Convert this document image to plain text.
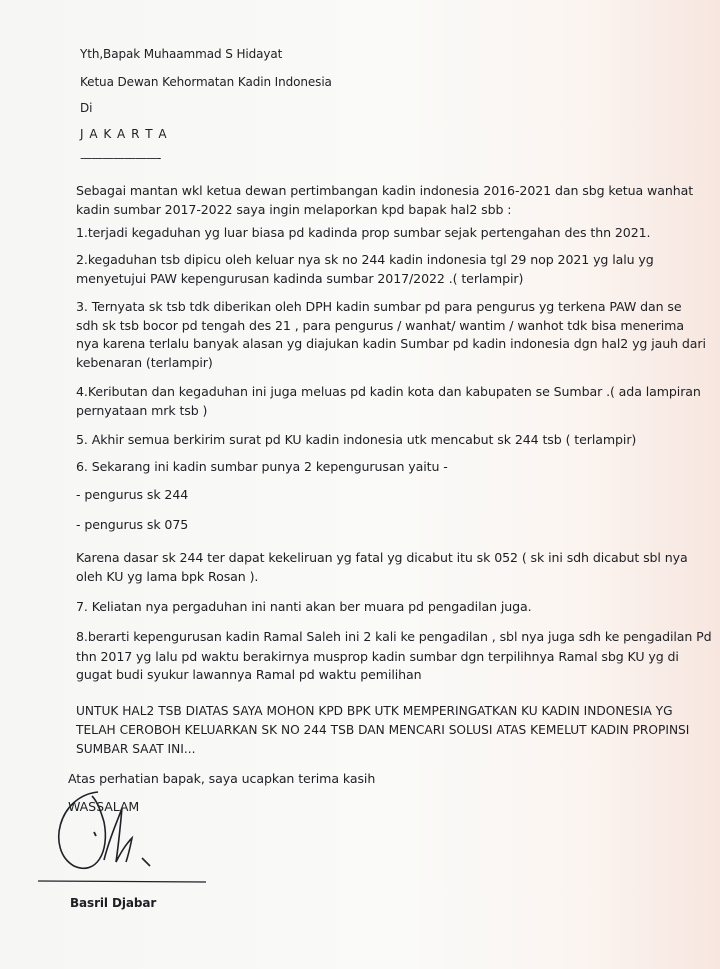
Yth,Bapak Muhaammad S Hidayat

Ketua Dewan Kehormatan Kadin Indonesia

Di

J A K A R T A

———————-

Sebagai mantan wkl ketua dewan pertimbangan kadin indonesia 2016-2021 dan sbg ketua wanhat

kadin sumbar 2017-2022 saya ingin melaporkan kpd bapak hal2 sbb :

1.terjadi kegaduhan yg luar biasa pd kadinda prop sumbar sejak pertengahan des thn 2021.

2.kegaduhan tsb dipicu oleh keluar nya sk no 244 kadin indonesia tgl 29 nop 2021 yg lalu yg

menyetujui PAW kepengurusan kadinda sumbar 2017/2022 .( terlampir)

3. Ternyata sk tsb tdk diberikan oleh DPH kadin sumbar pd para pengurus yg terkena PAW dan se

sdh sk tsb bocor pd tengah des 21 , para pengurus / wanhat/ wantim / wanhot tdk bisa menerima

nya karena terlalu banyak alasan yg diajukan kadin Sumbar pd kadin indonesia dgn hal2 yg jauh dari

kebenaran (terlampir)

4.Keributan dan kegaduhan ini juga meluas pd kadin kota dan kabupaten se Sumbar .( ada lampiran

pernyataan mrk tsb )

5. Akhir semua berkirim surat pd KU kadin indonesia utk mencabut sk 244 tsb ( terlampir)

6. Sekarang ini kadin sumbar punya 2 kepengurusan yaitu -

- pengurus sk 244

- pengurus sk 075

Karena dasar sk 244 ter dapat kekeliruan yg fatal yg dicabut itu sk 052 ( sk ini sdh dicabut sbl nya

oleh KU yg lama bpk Rosan ).

7. Keliatan nya pergaduhan ini nanti akan ber muara pd pengadilan juga.

8.berarti kepengurusan kadin Ramal Saleh ini 2 kali ke pengadilan , sbl nya juga sdh ke pengadilan Pd

thn 2017 yg lalu pd waktu berakirnya musprop kadin sumbar dgn terpilihnya Ramal sbg KU yg di

gugat budi syukur lawannya Ramal pd waktu pemilihan

UNTUK HAL2 TSB DIATAS SAYA MOHON KPD BPK UTK MEMPERINGATKAN KU KADIN INDONESIA YG

TELAH CEROBOH KELUARKAN SK NO 244 TSB DAN MENCARI SOLUSI ATAS KEMELUT KADIN PROPINSI

SUMBAR SAAT INI...

Atas perhatian bapak, saya ucapkan terima kasih

WASSALAM

Basril Djabar
